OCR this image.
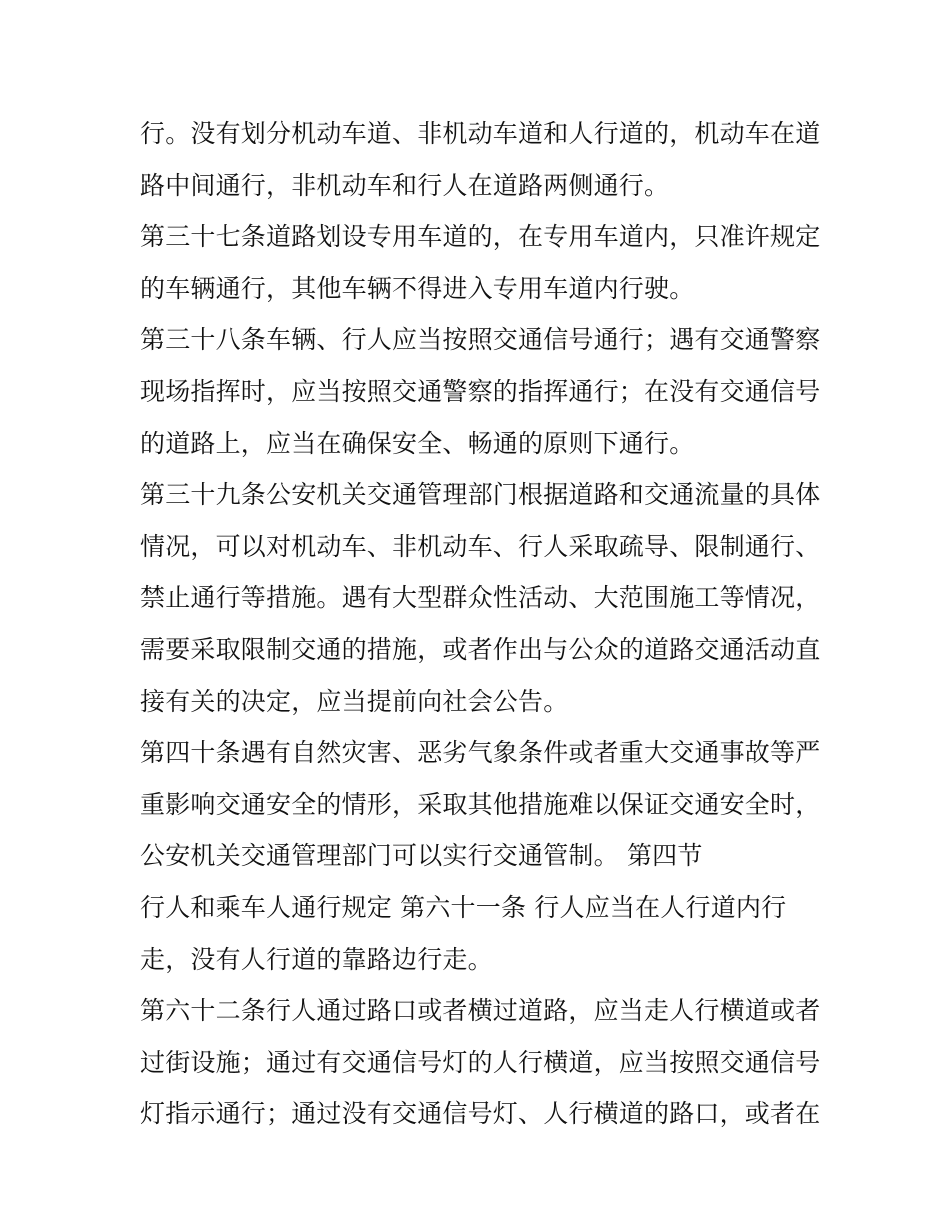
行。没有划分机动车道、非机动车道和人行道的，机动车在道
路中间通行，非机动车和行人在道路两侧通行。
第三十七条道路划设专用车道的，在专用车道内，只准许规定
的车辆通行，其他车辆不得进入专用车道内行驶。
第三十八条车辆、行人应当按照交通信号通行；遇有交通警察
现场指挥时，应当按照交通警察的指挥通行；在没有交通信号
的道路上，应当在确保安全、畅通的原则下通行。
第三十九条公安机关交通管理部门根据道路和交通流量的具体
情况，可以对机动车、非机动车、行人采取疏导、限制通行、
禁止通行等措施。遇有大型群众性活动、大范围施工等情况，
需要采取限制交通的措施，或者作出与公众的道路交通活动直
接有关的决定，应当提前向社会公告。
第四十条遇有自然灾害、恶劣气象条件或者重大交通事故等严
重影响交通安全的情形，采取其他措施难以保证交通安全时，
公安机关交通管理部门可以实行交通管制。 第四节
行人和乘车人通行规定 第六十一条 行人应当在人行道内行
走，没有人行道的靠路边行走。
第六十二条行人通过路口或者横过道路，应当走人行横道或者
过街设施；通过有交通信号灯的人行横道，应当按照交通信号
灯指示通行；通过没有交通信号灯、人行横道的路口，或者在
